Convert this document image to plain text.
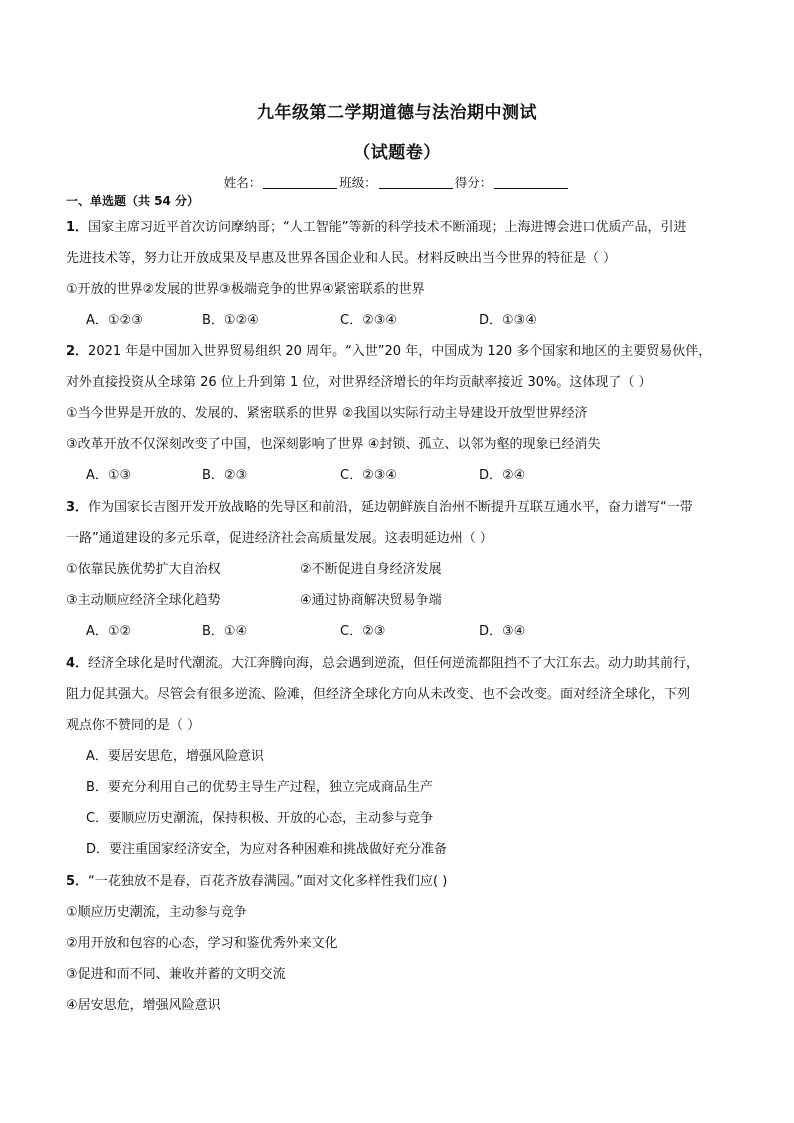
九年级第二学期道德与法治期中测试
（试题卷）
姓名：	班级：	得分：
一、单选题（共 54 分）
1．国家主席习近平首次访问摩纳哥；“人工智能”等新的科学技术不断涌现；上海进博会进口优质产品，引进
先进技术等，努力让开放成果及早惠及世界各国企业和人民。材料反映出当今世界的特征是（ ）
①开放的世界②发展的世界③极端竞争的世界④紧密联系的世界
A．①②③	B．①②④	C．②③④	D．①③④
2．2021 年是中国加入世界贸易组织 20 周年。“入世”20 年，中国成为 120 多个国家和地区的主要贸易伙伴，
对外直接投资从全球第 26 位上升到第 1 位，对世界经济增长的年均贡献率接近 30%。这体现了（ ）
①当今世界是开放的、发展的、紧密联系的世界 ②我国以实际行动主导建设开放型世界经济
③改革开放不仅深刻改变了中国，也深刻影响了世界 ④封锁、孤立、以邻为壑的现象已经消失
A．①③	B．②③	C．②③④	D．②④
3．作为国家长吉图开发开放战略的先导区和前沿，延边朝鲜族自治州不断提升互联互通水平，奋力谱写“一带
一路”通道建设的多元乐章，促进经济社会高质量发展。这表明延边州（ ）
①依靠民族优势扩大自治权	②不断促进自身经济发展
③主动顺应经济全球化趋势	④通过协商解决贸易争端
A．①②	B．①④	C．②③	D．③④
4．经济全球化是时代潮流。大江奔腾向海，总会遇到逆流，但任何逆流都阻挡不了大江东去。动力助其前行，
阻力促其强大。尽管会有很多逆流、险滩，但经济全球化方向从未改变、也不会改变。面对经济全球化，下列
观点你不赞同的是（ ）
A．要居安思危，增强风险意识
B．要充分利用自己的优势主导生产过程，独立完成商品生产
C．要顺应历史潮流，保持积极、开放的心态，主动参与竞争
D．要注重国家经济安全，为应对各种困难和挑战做好充分准备
5．“一花独放不是春，百花齐放春满园。”面对文化多样性我们应( )
①顺应历史潮流，主动参与竞争
②用开放和包容的心态，学习和鉴优秀外来文化
③促进和而不同、兼收并蓄的文明交流
④居安思危，增强风险意识
